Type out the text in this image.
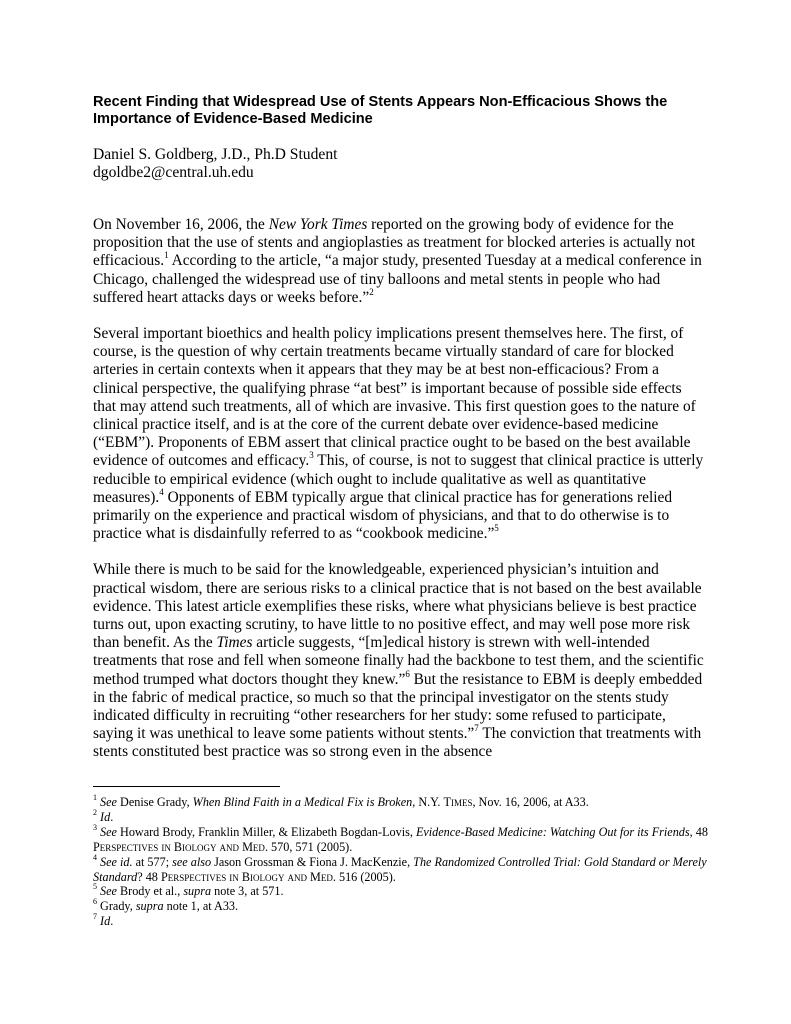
Recent Finding that Widespread Use of Stents Appears Non-Efficacious Shows the Importance of Evidence-Based Medicine
Daniel S. Goldberg, J.D., Ph.D Student
dgoldbe2@central.uh.edu

On November 16, 2006, the New York Times reported on the growing body of evidence for the proposition that the use of stents and angioplasties as treatment for blocked arteries is actually not efficacious.$^1$ According to the article, “a major study, presented Tuesday at a medical conference in Chicago, challenged the widespread use of tiny balloons and metal stents in people who had suffered heart attacks days or weeks before.”$^2$

Several important bioethics and health policy implications present themselves here. The first, of course, is the question of why certain treatments became virtually standard of care for blocked arteries in certain contexts when it appears that they may be at best non-efficacious? From a clinical perspective, the qualifying phrase “at best” is important because of possible side effects that may attend such treatments, all of which are invasive. This first question goes to the nature of clinical practice itself, and is at the core of the current debate over evidence-based medicine (“EBM”). Proponents of EBM assert that clinical practice ought to be based on the best available evidence of outcomes and efficacy.$^3$ This, of course, is not to suggest that clinical practice is utterly reducible to empirical evidence (which ought to include qualitative as well as quantitative measures).$^4$ Opponents of EBM typically argue that clinical practice has for generations relied primarily on the experience and practical wisdom of physicians, and that to do otherwise is to practice what is disdainfully referred to as “cookbook medicine.”$^5$

While there is much to be said for the knowledgeable, experienced physician’s intuition and practical wisdom, there are serious risks to a clinical practice that is not based on the best available evidence. This latest article exemplifies these risks, where what physicians believe is best practice turns out, upon exacting scrutiny, to have little to no positive effect, and may well pose more risk than benefit. As the Times article suggests, “[m]edical history is strewn with well-intended treatments that rose and fell when someone finally had the backbone to test them, and the scientific method trumped what doctors thought they knew.”$^6$ But the resistance to EBM is deeply embedded in the fabric of medical practice, so much so that the principal investigator on the stents study indicated difficulty in recruiting “other researchers for her study: some refused to participate, saying it was unethical to leave some patients without stents.”$^7$ The conviction that treatments with stents constituted best practice was so strong even in the absence

$^1$ See Denise Grady, When Blind Faith in a Medical Fix is Broken, N.Y. Times, Nov. 16, 2006, at A33.

$^2$ Id.

$^3$ See Howard Brody, Franklin Miller, & Elizabeth Bogdan-Lovis, Evidence-Based Medicine: Watching Out for its Friends, 48 Perspectives in Biology and Med. 570, 571 (2005).

$^4$ See id. at 577; see also Jason Grossman & Fiona J. MacKenzie, The Randomized Controlled Trial: Gold Standard or Merely Standard? 48 Perspectives in Biology and Med. 516 (2005).

$^5$ See Brody et al., supra note 3, at 571.

$^6$ Grady, supra note 1, at A33.

$^7$ Id.
